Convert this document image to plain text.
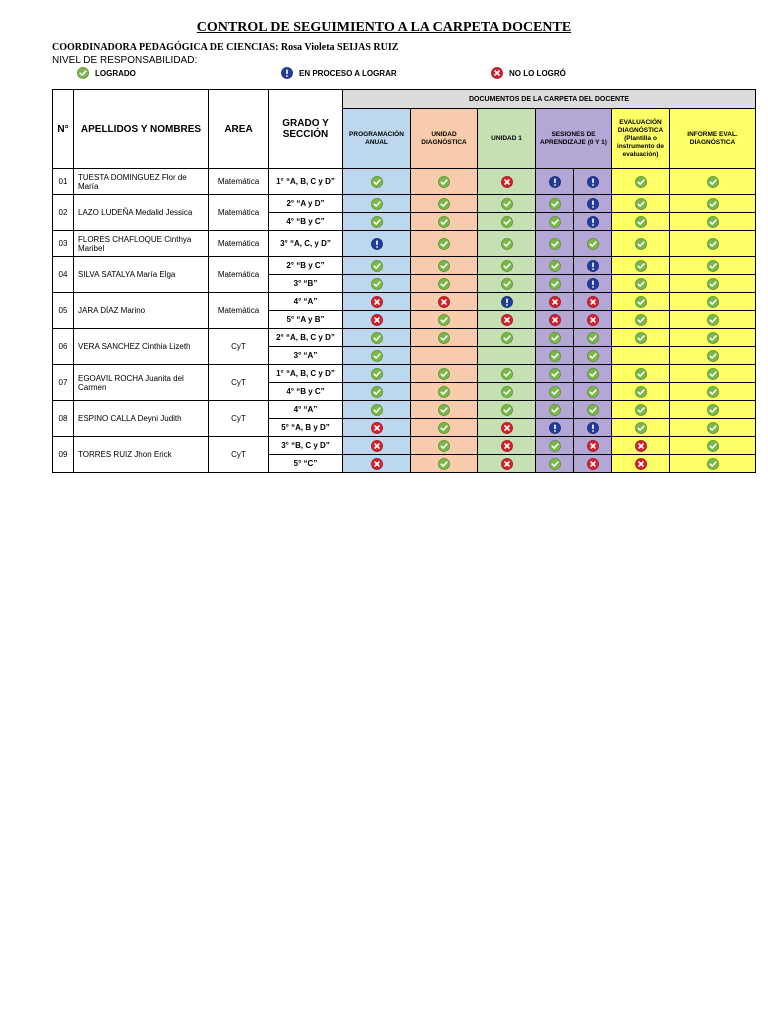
CONTROL DE SEGUIMIENTO A LA CARPETA DOCENTE
COORDINADORA PEDAGÓGICA DE CIENCIAS: Rosa Violeta SEIJAS RUIZ
NIVEL DE RESPONSABILIDAD:
LOGRADO	EN PROCESO A LOGRAR	NO LO LOGRÓ
N°	APELLIDOS Y NOMBRES	AREA	GRADO Y SECCIÓN	DOCUMENTOS DE LA CARPETA DEL DOCENTE						
				PROGRAMACIÓN ANUAL	UNIDAD DIAGNÓSTICA	UNIDAD 1	SESIONES DE APRENDIZAJE (0 Y 1)		EVALUACIÓN DIAGNÓSTICA (Plantilla o instrumento de evaluación)	INFORME EVAL. DIAGNÓSTICA
01	TUESTA DOMINGUEZ Flor de María	Matemática	1° “A, B, C y D”	

02	LAZO LUDEÑA Medalid Jessica	Matemática	2° “A y D”	

			4° “B y C”	

03	FLORES CHAFLOQUE Cinthya Maribel	Matemática	3° “A, C, y D”	

04	SILVA SATALYA María Elga	Matemática	2° “B y C”	

			3° “B”	

05	JARA DÍAZ Marino	Matemática	4° “A”	

			5° “A y B”	

06	VERA SANCHEZ Cinthia Lizeth	CyT	2° “A, B, C y D”	

			3° “A”	

07	EGOAVIL ROCHA Juanita del Carmen	CyT	1° “A, B, C y D”	

			4° “B y C”	

08	ESPINO CALLA Deyni Judith	CyT	4° “A”	

			5° “A, B y D”	

09	TORRES RUIZ Jhon Erick	CyT	3° “B, C y D”	

			5° “C”	
